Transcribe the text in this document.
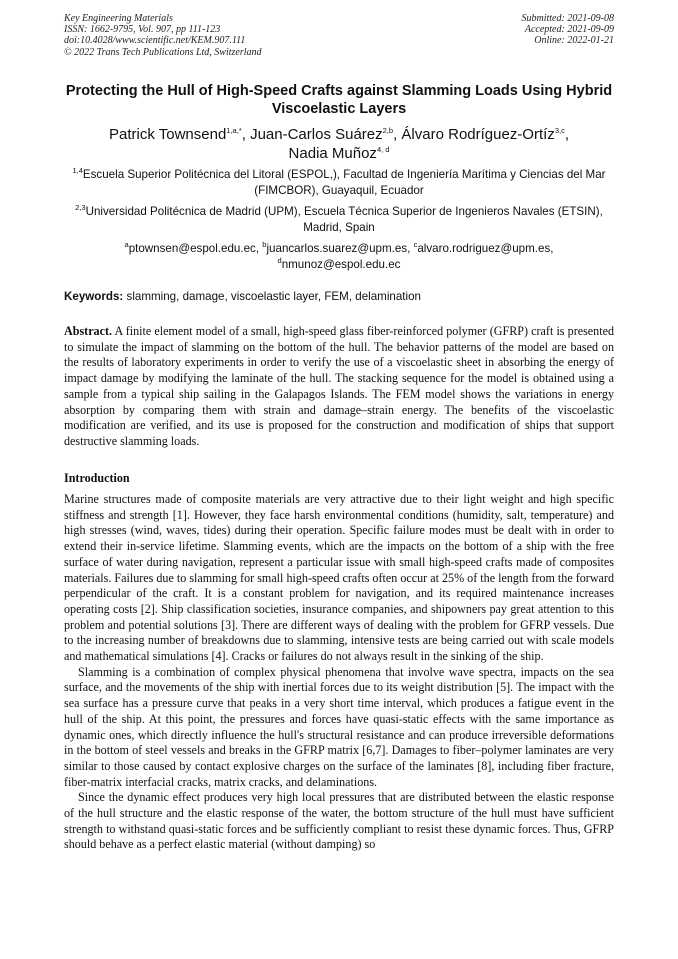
Key Engineering Materials
ISSN: 1662-9795, Vol. 907, pp 111-123
doi:10.4028/www.scientific.net/KEM.907.111
© 2022 Trans Tech Publications Ltd, Switzerland
Submitted: 2021-09-08
Accepted: 2021-09-09
Online: 2022-01-21
Protecting the Hull of High-Speed Crafts against Slamming Loads Using Hybrid Viscoelastic Layers
Patrick Townsend$^{1,a,*}$, Juan-Carlos Suárez$^{2,b}$, Álvaro Rodríguez-Ortíz$^{3,c}$,
Nadia Muñoz$^{4, d}$
$^{1,4}$Escuela Superior Politécnica del Litoral (ESPOL,), Facultad de Ingeniería Marítima y Ciencias del Mar (FIMCBOR), Guayaquil, Ecuador
$^{2,3}$Universidad Politécnica de Madrid (UPM), Escuela Técnica Superior de Ingenieros Navales (ETSIN), Madrid, Spain
$^a$ptownsen@espol.edu.ec, $^b$juancarlos.suarez@upm.es, $^c$alvaro.rodriguez@upm.es,
$^d$nmunoz@espol.edu.ec
Keywords: slamming, damage, viscoelastic layer, FEM, delamination
Abstract. A finite element model of a small, high-speed glass fiber-reinforced polymer (GFRP) craft is presented to simulate the impact of slamming on the bottom of the hull. The behavior patterns of the model are based on the results of laboratory experiments in order to verify the use of a viscoelastic sheet in absorbing the energy of impact damage by modifying the laminate of the hull. The stacking sequence for the model is obtained using a sample from a typical ship sailing in the Galapagos Islands. The FEM model shows the variations in energy absorption by comparing them with strain and damage–strain energy. The benefits of the viscoelastic modification are verified, and its use is proposed for the construction and modification of ships that support destructive slamming loads.
Introduction

Marine structures made of composite materials are very attractive due to their light weight and high specific stiffness and strength [1]. However, they face harsh environmental conditions (humidity, salt, temperature) and high stresses (wind, waves, tides) during their operation. Specific failure modes must be dealt with in order to extend their in-service lifetime. Slamming events, which are the impacts on the bottom of a ship with the free surface of water during navigation, represent a particular issue with small high-speed crafts made of composites materials. Failures due to slamming for small high-speed crafts often occur at 25% of the length from the forward perpendicular of the craft. It is a constant problem for navigation, and its required maintenance increases operating costs [2]. Ship classification societies, insurance companies, and shipowners pay great attention to this problem and potential solutions [3]. There are different ways of dealing with the problem for GFRP vessels. Due to the increasing number of breakdowns due to slamming, intensive tests are being carried out with scale models and mathematical simulations [4]. Cracks or failures do not always result in the sinking of the ship.

Slamming is a combination of complex physical phenomena that involve wave spectra, impacts on the sea surface, and the movements of the ship with inertial forces due to its weight distribution [5]. The impact with the sea surface has a pressure curve that peaks in a very short time interval, which produces a fatigue event in the hull of the ship. At this point, the pressures and forces have quasi-static effects with the same importance as dynamic ones, which directly influence the hull's structural resistance and can produce irreversible deformations in the bottom of steel vessels and breaks in the GFRP matrix [6,7]. Damages to fiber–polymer laminates are very similar to those caused by contact explosive charges on the surface of the laminates [8], including fiber fracture, fiber-matrix interfacial cracks, matrix cracks, and delaminations.

Since the dynamic effect produces very high local pressures that are distributed between the elastic response of the hull structure and the elastic response of the water, the bottom structure of the hull must have sufficient strength to withstand quasi-static forces and be sufficiently compliant to resist these dynamic forces. Thus, GFRP should behave as a perfect elastic material (without damping) so
